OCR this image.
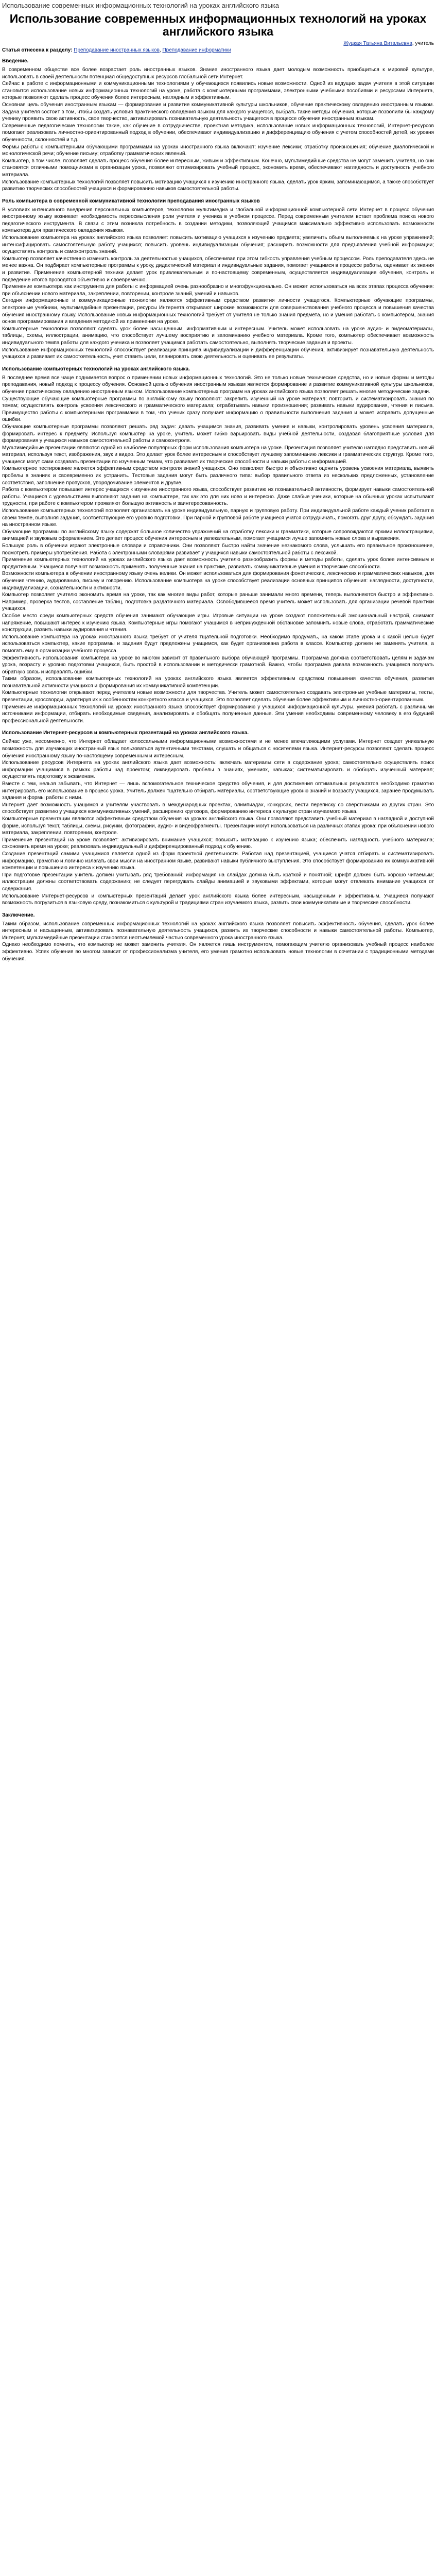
Использование современных информационных технологий на уроках английского языка
Использование современных информационных технологий на уроках английского языка
Жуцкая Татьяна Витальевна, учитель
Статья отнесена к разделу: Преподавание иностранных языков, Преподавание информатики
Введение.

В современном обществе все более возрастает роль иностранных языков. Знание иностранного языка дает молодым возможность приобщиться к мировой культуре, использовать в своей деятельности потенциал общедоступных ресурсов глобальной сети Интернет.

Сейчас в работе с информационными и коммуникационными технологиями у обучающихся появились новые возможности. Одной из ведущих задач учителя в этой ситуации становится использование новых информационных технологий на уроке, работа с компьютерными программами, электронными учебными пособиями и ресурсами Интернета, которые позволяют сделать процесс обучения более интересным, наглядным и эффективным.

Основная цель обучения иностранным языкам — формирование и развитие коммуникативной культуры школьников, обучение практическому овладению иностранным языком. Задача учителя состоит в том, чтобы создать условия практического овладения языком для каждого учащегося, выбрать такие методы обучения, которые позволили бы каждому ученику проявить свою активность, свое творчество, активизировать познавательную деятельность учащегося в процессе обучения иностранным языкам.

Современные педагогические технологии такие, как обучение в сотрудничестве, проектная методика, использование новых информационных технологий, Интернет-ресурсов помогают реализовать личностно-ориентированный подход в обучении, обеспечивают индивидуализацию и дифференциацию обучения с учетом способностей детей, их уровня обученности, склонностей и т.д.

Формы работы с компьютерными обучающими программами на уроках иностранного языка включают: изучение лексики; отработку произношения; обучение диалогической и монологической речи; обучение письму; отработку грамматических явлений.

Компьютер, в том числе, позволяет сделать процесс обучения более интересным, живым и эффективным. Конечно, мультимедийные средства не могут заменить учителя, но они становятся отличными помощниками в организации урока, позволяют оптимизировать учебный процесс, экономить время, обеспечивают наглядность и доступность учебного материала.

Использование компьютерных технологий позволяет повысить мотивацию учащихся к изучению иностранного языка, сделать урок ярким, запоминающимся, а также способствует развитию творческих способностей учащихся и формированию навыков самостоятельной работы.

Роль компьютера в современной коммуникативной технологии преподавания иностранных языков

В условиях интенсивного внедрения персональных компьютеров, технологии мультимедиа и глобальной информационной компьютерной сети Интернет в процесс обучения иностранному языку возникает необходимость переосмысления роли учителя и ученика в учебном процессе. Перед современным учителем встает проблема поиска нового педагогического инструмента. В связи с этим возникла потребность в создании методики, позволяющей учащимся максимально эффективно использовать возможности компьютера для практического овладения языком.

Использование компьютера на уроках английского языка позволяет: повысить мотивацию учащихся к изучению предмета; увеличить объем выполняемых на уроке упражнений; интенсифицировать самостоятельную работу учащихся; повысить уровень индивидуализации обучения; расширить возможности для предъявления учебной информации; осуществлять контроль и самоконтроль знаний.

Компьютер позволяет качественно изменить контроль за деятельностью учащихся, обеспечивая при этом гибкость управления учебным процессом. Роль преподавателя здесь не менее важна. Он подбирает компьютерные программы к уроку, дидактический материал и индивидуальные задания, помогает учащимся в процессе работы, оценивает их знания и развитие. Применение компьютерной техники делает урок привлекательным и по-настоящему современным, осуществляется индивидуализация обучения, контроль и подведение итогов проводятся объективно и своевременно.

Применение компьютера как инструмента для работы с информацией очень разнообразно и многофункционально. Он может использоваться на всех этапах процесса обучения: при объяснении нового материала, закреплении, повторении, контроле знаний, умений и навыков.

Сегодня информационные и коммуникационные технологии являются эффективным средством развития личности учащегося. Компьютерные обучающие программы, электронные учебники, мультимедийные презентации, ресурсы Интернета открывают широкие возможности для совершенствования учебного процесса и повышения качества обучения иностранному языку. Использование новых информационных технологий требует от учителя не только знания предмета, но и умения работать с компьютером, знания основ программирования и владения методикой их применения на уроке.

Компьютерные технологии позволяют сделать урок более насыщенным, информативным и интересным. Учитель может использовать на уроке аудио- и видеоматериалы, таблицы, схемы, иллюстрации, анимацию, что способствует лучшему восприятию и запоминанию учебного материала. Кроме того, компьютер обеспечивает возможность индивидуального темпа работы для каждого ученика и позволяет учащимся работать самостоятельно, выполнять творческие задания и проекты.

Использование информационных технологий способствует реализации принципа индивидуализации и дифференциации обучения, активизирует познавательную деятельность учащихся и развивает их самостоятельность, учит ставить цели, планировать свою деятельность и оценивать ее результаты.

Использование компьютерных технологий на уроках английского языка.

В последнее время все чаще поднимается вопрос о применении новых информационных технологий. Это не только новые технические средства, но и новые формы и методы преподавания, новый подход к процессу обучения. Основной целью обучения иностранным языкам является формирование и развитие коммуникативной культуры школьников, обучение практическому овладению иностранным языком. Использование компьютерных программ на уроках английского языка позволяет решать многие методические задачи.

Существующие обучающие компьютерные программы по английскому языку позволяют: закрепить изученный на уроке материал; повторить и систематизировать знания по темам; осуществлять контроль усвоения лексического и грамматического материала; отрабатывать навыки произношения; развивать навыки аудирования, чтения и письма. Преимущество работы с компьютерными программами в том, что ученик сразу получает информацию о правильности выполнения задания и может исправить допущенные ошибки.

Обучающие компьютерные программы позволяют решать ряд задач: давать учащимся знания, развивать умения и навыки, контролировать уровень усвоения материала, формировать интерес к предмету. Используя компьютер на уроке, учитель может гибко варьировать виды учебной деятельности, создавая благоприятные условия для формирования у учащихся навыков самостоятельной работы и самоконтроля.

Мультимедийные презентации являются одной из наиболее популярных форм использования компьютера на уроке. Презентация позволяет учителю наглядно представить новый материал, используя текст, изображения, звук и видео. Это делает урок более интересным и способствует лучшему запоминанию лексики и грамматических структур. Кроме того, учащиеся могут сами создавать презентации по изученным темам, что развивает их творческие способности и навыки работы с информацией.

Компьютерное тестирование является эффективным средством контроля знаний учащихся. Оно позволяет быстро и объективно оценить уровень усвоения материала, выявить пробелы в знаниях и своевременно их устранить. Тестовые задания могут быть различного типа: выбор правильного ответа из нескольких предложенных, установление соответствия, заполнение пропусков, упорядочивание элементов и другие.

Работа с компьютером повышает интерес учащихся к изучению иностранного языка, способствует развитию их познавательной активности, формирует навыки самостоятельной работы. Учащиеся с удовольствием выполняют задания на компьютере, так как это для них ново и интересно. Даже слабые ученики, которые на обычных уроках испытывают трудности, при работе с компьютером проявляют большую активность и заинтересованность.

Использование компьютерных технологий позволяет организовать на уроке индивидуальную, парную и групповую работу. При индивидуальной работе каждый ученик работает в своем темпе, выполняя задания, соответствующие его уровню подготовки. При парной и групповой работе учащиеся учатся сотрудничать, помогать друг другу, обсуждать задания на иностранном языке.

Обучающие программы по английскому языку содержат большое количество упражнений на отработку лексики и грамматики, которые сопровождаются яркими иллюстрациями, анимацией и звуковым оформлением. Это делает процесс обучения интересным и увлекательным, помогает учащимся лучше запомнить новые слова и выражения.

Большую роль в обучении играют электронные словари и справочники. Они позволяют быстро найти значение незнакомого слова, услышать его правильное произношение, посмотреть примеры употребления. Работа с электронными словарями развивает у учащихся навыки самостоятельной работы с лексикой.

Применение компьютерных технологий на уроках английского языка дает возможность учителю разнообразить формы и методы работы, сделать урок более интенсивным и продуктивным. Учащиеся получают возможность применять полученные знания на практике, развивать коммуникативные умения и творческие способности.

Возможности компьютера в обучении иностранному языку очень велики. Он может использоваться для формирования фонетических, лексических и грамматических навыков, для обучения чтению, аудированию, письму и говорению. Использование компьютера на уроке способствует реализации основных принципов обучения: наглядности, доступности, индивидуализации, сознательности и активности.

Компьютер позволяет учителю экономить время на уроке, так как многие виды работ, которые раньше занимали много времени, теперь выполняются быстро и эффективно. Например, проверка тестов, составление таблиц, подготовка раздаточного материала. Освободившееся время учитель может использовать для организации речевой практики учащихся.

Особое место среди компьютерных средств обучения занимают обучающие игры. Игровые ситуации на уроке создают положительный эмоциональный настрой, снимают напряжение, повышают интерес к изучению языка. Компьютерные игры помогают учащимся в непринужденной обстановке запомнить новые слова, отработать грамматические конструкции, развить навыки аудирования и чтения.

Использование компьютера на уроках иностранного языка требует от учителя тщательной подготовки. Необходимо продумать, на каком этапе урока и с какой целью будет использоваться компьютер, какие программы и задания будут предложены учащимся, как будет организована работа в классе. Компьютер должен не заменять учителя, а помогать ему в организации учебного процесса.

Эффективность использования компьютера на уроке во многом зависит от правильного выбора обучающей программы. Программа должна соответствовать целям и задачам урока, возрасту и уровню подготовки учащихся, быть простой в использовании и методически грамотной. Важно, чтобы программа давала возможность учащимся получать обратную связь и исправлять ошибки.

Таким образом, использование компьютерных технологий на уроках английского языка является эффективным средством повышения качества обучения, развития познавательной активности учащихся и формирования их коммуникативной компетенции.

Компьютерные технологии открывают перед учителем новые возможности для творчества. Учитель может самостоятельно создавать электронные учебные материалы, тесты, презентации, кроссворды, адаптируя их к особенностям конкретного класса и учащихся. Это позволяет сделать обучение более эффективным и личностно-ориентированным.

Применение информационных технологий на уроках иностранного языка способствует формированию у учащихся информационной культуры, умения работать с различными источниками информации, отбирать необходимые сведения, анализировать и обобщать полученные данные. Эти умения необходимы современному человеку в его будущей профессиональной деятельности.

Использование Интернет-ресурсов и компьютерных презентаций на уроках английского языка.

Сейчас уже, несомненно, что Интернет обладает колоссальными информационными возможностями и не менее впечатляющими услугами. Интернет создает уникальную возможность для изучающих иностранный язык пользоваться аутентичными текстами, слушать и общаться с носителями языка. Интернет-ресурсы позволяют сделать процесс обучения иностранному языку по-настоящему современным и интересным.

Использование ресурсов Интернета на уроках английского языка дает возможность: включать материалы сети в содержание урока; самостоятельно осуществлять поиск информации учащимися в рамках работы над проектом; ликвидировать пробелы в знаниях, умениях, навыках; систематизировать и обобщать изученный материал; осуществлять подготовку к экзаменам.

Вместе с тем, нельзя забывать, что Интернет — лишь вспомогательное техническое средство обучения, и для достижения оптимальных результатов необходимо грамотно интегрировать его использование в процесс урока. Учитель должен тщательно отбирать материалы, соответствующие уровню знаний и возрасту учащихся, заранее продумывать задания и формы работы с ними.

Интернет дает возможность учащимся и учителям участвовать в международных проектах, олимпиадах, конкурсах, вести переписку со сверстниками из других стран. Это способствует развитию у учащихся коммуникативных умений, расширению кругозора, формированию интереса к культуре стран изучаемого языка.

Компьютерные презентации являются эффективным средством обучения на уроках английского языка. Они позволяют представить учебный материал в наглядной и доступной форме, используя текст, таблицы, схемы, рисунки, фотографии, аудио- и видеофрагменты. Презентации могут использоваться на различных этапах урока: при объяснении нового материала, закреплении, повторении, контроле.

Применение презентаций на уроке позволяет: активизировать внимание учащихся; повысить мотивацию к изучению языка; обеспечить наглядность учебного материала; сэкономить время на уроке; реализовать индивидуальный и дифференцированный подход к обучению.

Создание презентаций самими учащимися является одной из форм проектной деятельности. Работая над презентацией, учащиеся учатся отбирать и систематизировать информацию, грамотно и логично излагать свои мысли на иностранном языке, развивают навыки публичного выступления. Это способствует формированию их коммуникативной компетенции и повышению интереса к изучению языка.

При подготовке презентации учитель должен учитывать ряд требований: информация на слайдах должна быть краткой и понятной; шрифт должен быть хорошо читаемым; иллюстрации должны соответствовать содержанию; не следует перегружать слайды анимацией и звуковыми эффектами, которые могут отвлекать внимание учащихся от содержания.

Использование Интернет-ресурсов и компьютерных презентаций делает урок английского языка более интересным, насыщенным и эффективным. Учащиеся получают возможность погрузиться в языковую среду, познакомиться с культурой и традициями стран изучаемого языка, развить свои коммуникативные и творческие способности.

Заключение.

Таким образом, использование современных информационных технологий на уроках английского языка позволяет повысить эффективность обучения, сделать урок более интересным и насыщенным, активизировать познавательную деятельность учащихся, развить их творческие способности и навыки самостоятельной работы. Компьютер, Интернет, мультимедийные презентации становятся неотъемлемой частью современного урока иностранного языка.

Однако необходимо помнить, что компьютер не может заменить учителя. Он является лишь инструментом, помогающим учителю организовать учебный процесс наиболее эффективно. Успех обучения во многом зависит от профессионализма учителя, его умения грамотно использовать новые технологии в сочетании с традиционными методами обучения.
